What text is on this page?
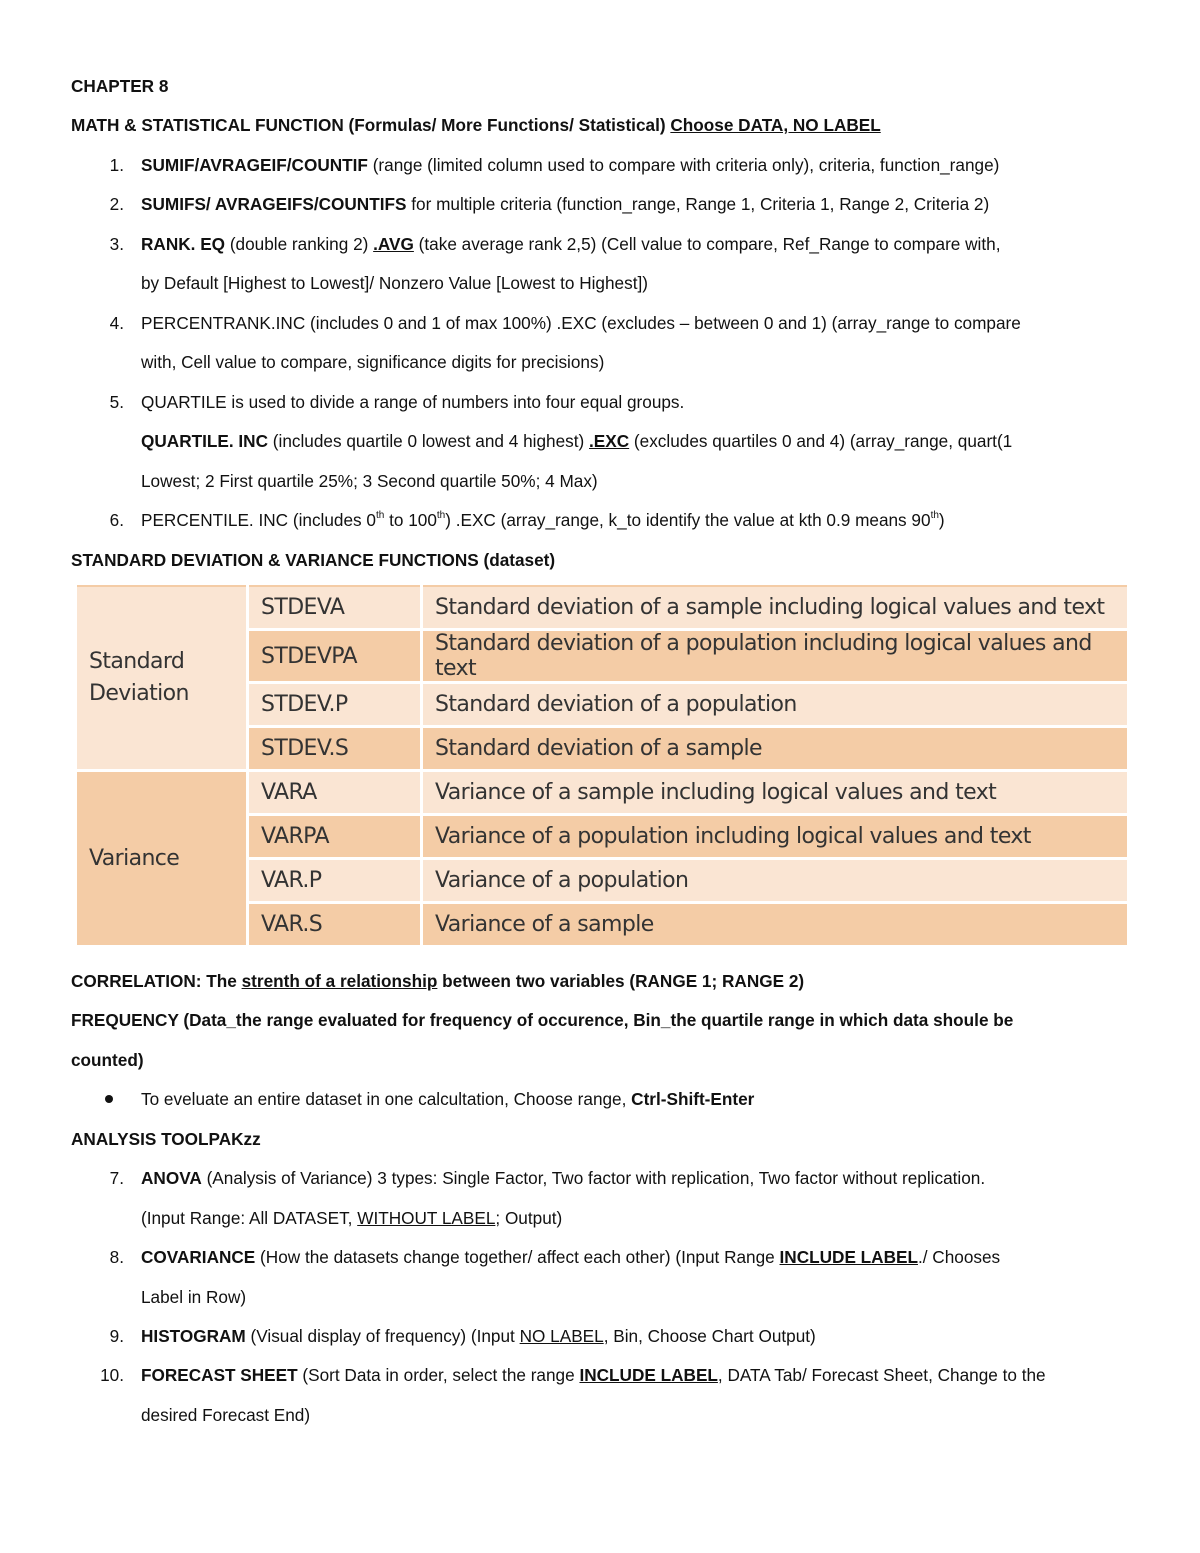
CHAPTER 8
MATH & STATISTICAL FUNCTION (Formulas/ More Functions/ Statistical) Choose DATA, NO LABEL
1. SUMIF/AVRAGEIF/COUNTIF (range (limited column used to compare with criteria only), criteria, function_range)
2. SUMIFS/ AVRAGEIFS/COUNTIFS for multiple criteria (function_range, Range 1, Criteria 1, Range 2, Criteria 2)
3. RANK. EQ (double ranking 2) .AVG (take average rank 2,5) (Cell value to compare, Ref_Range to compare with,
by Default [Highest to Lowest]/ Nonzero Value [Lowest to Highest])
4. PERCENTRANK.INC (includes 0 and 1 of max 100%) .EXC (excludes – between 0 and 1) (array_range to compare
with, Cell value to compare, significance digits for precisions)
5. QUARTILE is used to divide a range of numbers into four equal groups.
QUARTILE. INC (includes quartile 0 lowest and 4 highest) .EXC (excludes quartiles 0 and 4) (array_range, quart(1
Lowest; 2 First quartile 25%; 3 Second quartile 50%; 4 Max)
6. PERCENTILE. INC (includes 0th to 100th) .EXC (array_range, k_to identify the value at kth 0.9 means 90th)
STANDARD DEVIATION & VARIANCE FUNCTIONS (dataset)
Standard
Deviation	STDEVA	Standard deviation of a sample including logical values and text
	STDEVPA	Standard deviation of a population including logical values and text
	STDEV.P	Standard deviation of a population
	STDEV.S	Standard deviation of a sample
Variance	VARA	Variance of a sample including logical values and text
	VARPA	Variance of a population including logical values and text
	VAR.P	Variance of a population
	VAR.S	Variance of a sample
CORRELATION: The strenth of a relationship between two variables (RANGE 1; RANGE 2)
FREQUENCY (Data_the range evaluated for frequency of occurence, Bin_the quartile range in which data shoule be
counted)
To eveluate an entire dataset in one calcultation, Choose range, Ctrl-Shift-Enter
ANALYSIS TOOLPAKzz
7. ANOVA (Analysis of Variance) 3 types: Single Factor, Two factor with replication, Two factor without replication.
(Input Range: All DATASET, WITHOUT LABEL; Output)
8. COVARIANCE (How the datasets change together/ affect each other) (Input Range INCLUDE LABEL./ Chooses
Label in Row)
9. HISTOGRAM (Visual display of frequency) (Input NO LABEL, Bin, Choose Chart Output)
10. FORECAST SHEET (Sort Data in order, select the range INCLUDE LABEL, DATA Tab/ Forecast Sheet, Change to the
desired Forecast End)
